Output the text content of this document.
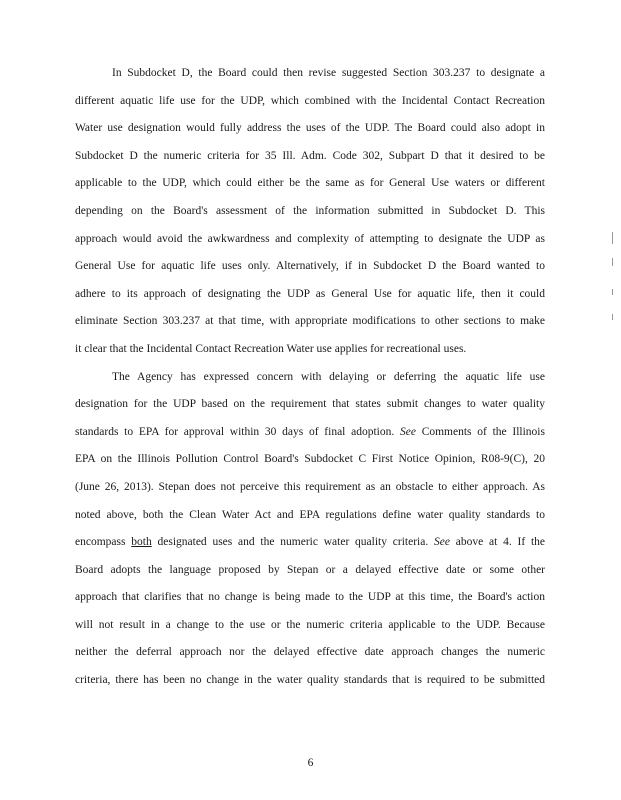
In Subdocket D, the Board could then revise suggested Section 303.237 to designate a
different aquatic life use for the UDP, which combined with the Incidental Contact Recreation
Water use designation would fully address the uses of the UDP. The Board could also adopt in
Subdocket D the numeric criteria for 35 Ill. Adm. Code 302, Subpart D that it desired to be
applicable to the UDP, which could either be the same as for General Use waters or different
depending on the Board's assessment of the information submitted in Subdocket D. This
approach would avoid the awkwardness and complexity of attempting to designate the UDP as
General Use for aquatic life uses only. Alternatively, if in Subdocket D the Board wanted to
adhere to its approach of designating the UDP as General Use for aquatic life, then it could
eliminate Section 303.237 at that time, with appropriate modifications to other sections to make
it clear that the Incidental Contact Recreation Water use applies for recreational uses.
The Agency has expressed concern with delaying or deferring the aquatic life use
designation for the UDP based on the requirement that states submit changes to water quality
standards to EPA for approval within 30 days of final adoption. See Comments of the Illinois
EPA on the Illinois Pollution Control Board's Subdocket C First Notice Opinion, R08-9(C), 20
(June 26, 2013). Stepan does not perceive this requirement as an obstacle to either approach. As
noted above, both the Clean Water Act and EPA regulations define water quality standards to
encompass both designated uses and the numeric water quality criteria. See above at 4. If the
Board adopts the language proposed by Stepan or a delayed effective date or some other
approach that clarifies that no change is being made to the UDP at this time, the Board's action
will not result in a change to the use or the numeric criteria applicable to the UDP. Because
neither the deferral approach nor the delayed effective date approach changes the numeric
criteria, there has been no change in the water quality standards that is required to be submitted
6
